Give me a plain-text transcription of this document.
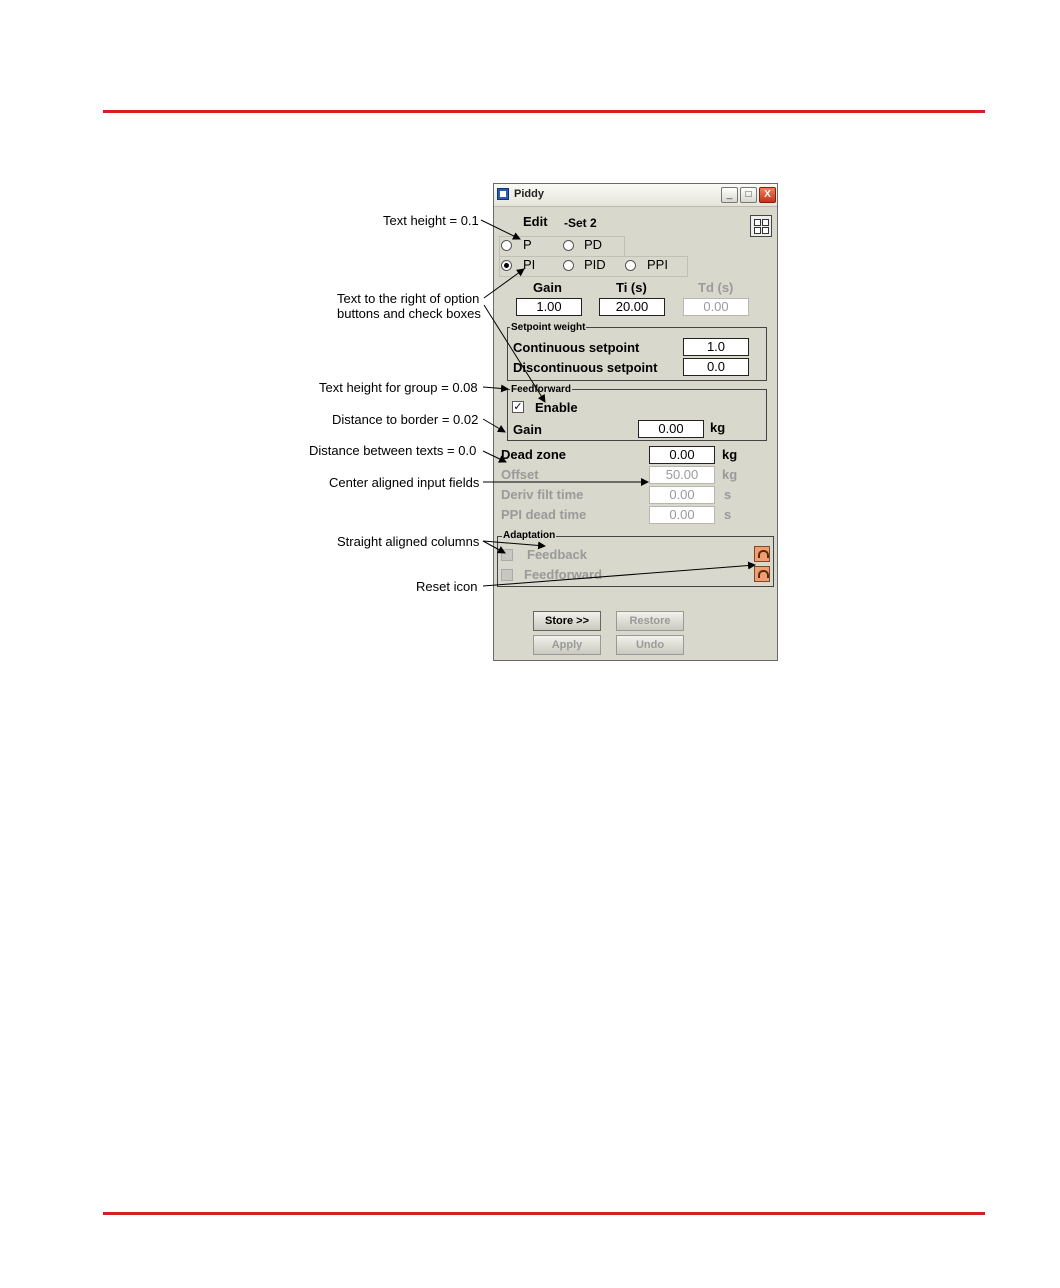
Text height = 0.1
Text to the right of option
buttons and check boxes
Text height for group = 0.08
Distance to border = 0.02
Distance between texts = 0.0
Center aligned input fields
Straight aligned columns
Reset icon
Piddy	_	□	X
Edit -Set 2
P	PD
PI	PID	PPI
Gain	Ti (s)	Td (s)
1.00	20.00	0.00
Setpoint weight
Continuous setpoint	1.0
Discontinuous setpoint	0.0
Feedforward
✓ Enable
Gain	0.00	kg
Dead zone	0.00	kg
Offset	50.00	kg
Deriv filt time	0.00	s
PPI dead time	0.00	s
Adaptation
Feedback
Feedforward
Store >>	Restore
Apply	Undo
